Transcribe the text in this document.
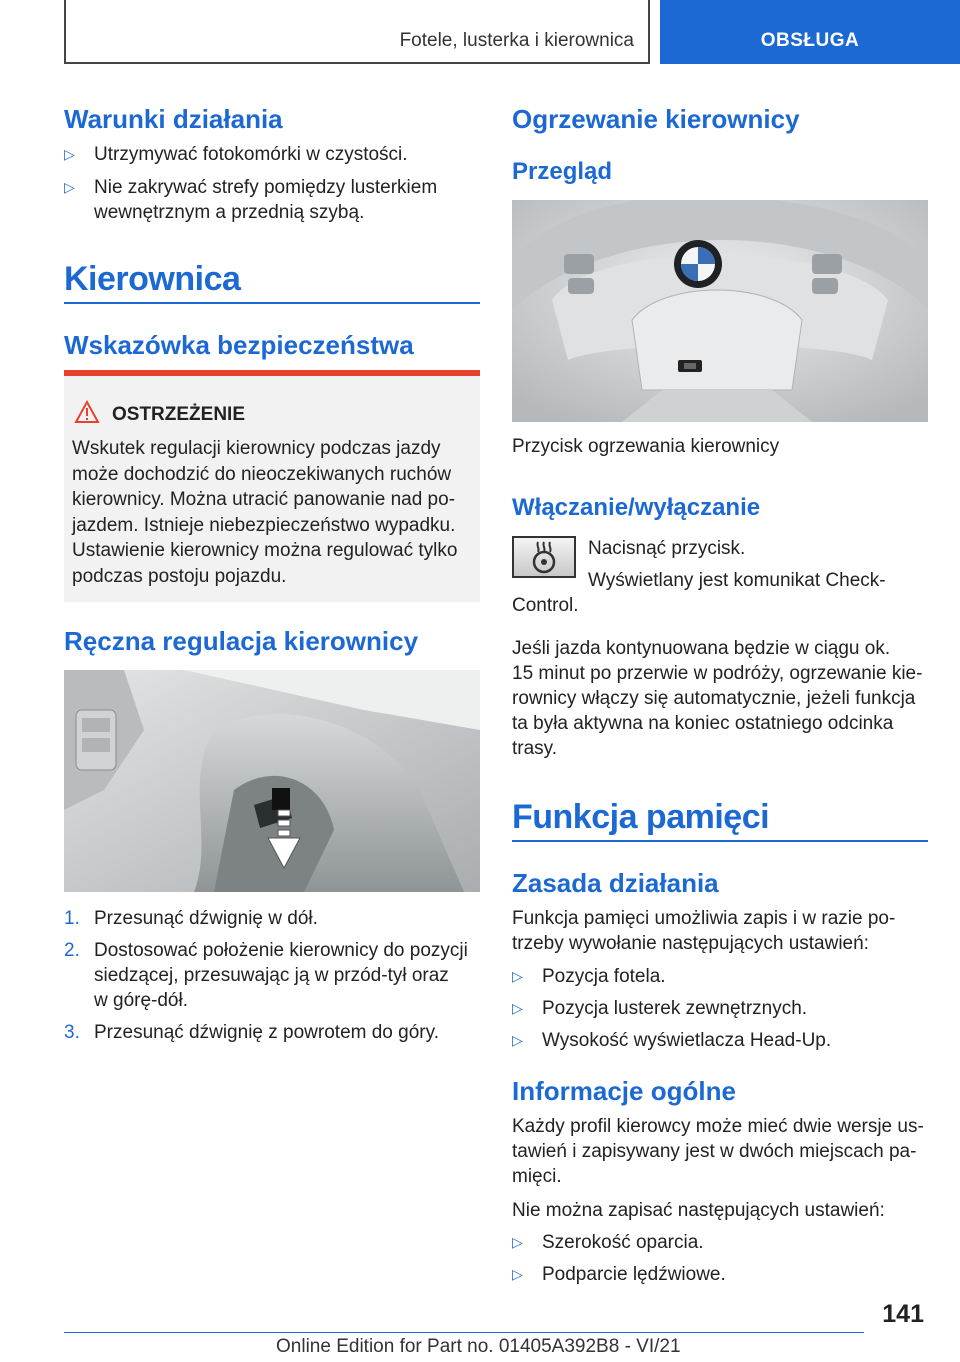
Fotele, lusterka i kierownica	OBSŁUGA
Warunki działania
▷ Utrzymywać fotokomórki w czystości.
▷ Nie zakrywać strefy pomiędzy lusterkiem
wewnętrznym a przednią szybą.
Kierownica
Wskazówka bezpieczeństwa
OSTRZEŻENIE
Wskutek regulacji kierownicy podczas jazdy
może dochodzić do nieoczekiwanych ruchów
kierownicy. Można utracić panowanie nad po-
jazdem. Istnieje niebezpieczeństwo wypadku.
Ustawienie kierownicy można regulować tylko
podczas postoju pojazdu.
Ręczna regulacja kierownicy
1. Przesunąć dźwignię w dół.
2. Dostosować położenie kierownicy do pozycji
siedzącej, przesuwając ją w przód-tył oraz
w górę-dół.
3. Przesunąć dźwignię z powrotem do góry.
Ogrzewanie kierownicy
Przegląd
Przycisk ogrzewania kierownicy
Włączanie/wyłączanie
Nacisnąć przycisk.
Wyświetlany jest komunikat Check-
Control.
Jeśli jazda kontynuowana będzie w ciągu ok.
15 minut po przerwie w podróży, ogrzewanie kie-
rownicy włączy się automatycznie, jeżeli funkcja
ta była aktywna na koniec ostatniego odcinka
trasy.
Funkcja pamięci
Zasada działania
Funkcja pamięci umożliwia zapis i w razie po-
trzeby wywołanie następujących ustawień:
▷ Pozycja fotela.
▷ Pozycja lusterek zewnętrznych.
▷ Wysokość wyświetlacza Head-Up.
Informacje ogólne
Każdy profil kierowcy może mieć dwie wersje us-
tawień i zapisywany jest w dwóch miejscach pa-
mięci.
Nie można zapisać następujących ustawień:
▷ Szerokość oparcia.
▷ Podparcie lędźwiowe.
141
Online Edition for Part no. 01405A392B8 - VI/21
